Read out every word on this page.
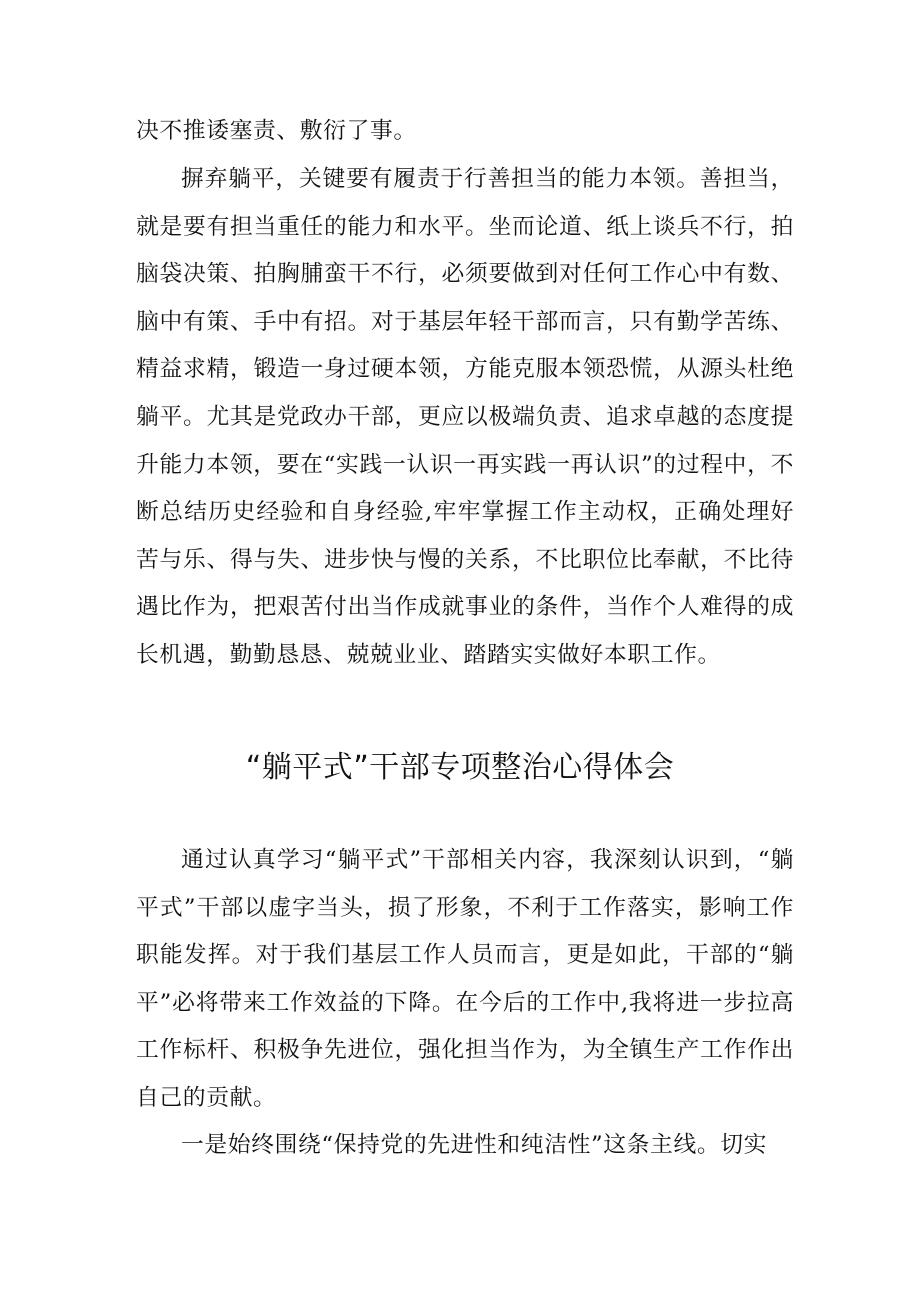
决不推诿塞责、敷衍了事。

摒弃躺平，关键要有履责于行善担当的能力本领。善担当，就是要有担当重任的能力和水平。坐而论道、纸上谈兵不行，拍脑袋决策、拍胸脯蛮干不行，必须要做到对任何工作心中有数、脑中有策、手中有招。对于基层年轻干部而言，只有勤学苦练、精益求精，锻造一身过硬本领，方能克服本领恐慌，从源头杜绝躺平。尤其是党政办干部，更应以极端负责、追求卓越的态度提升能力本领，要在“实践一认识一再实践一再认识”的过程中，不断总结历史经验和自身经验,牢牢掌握工作主动权，正确处理好苦与乐、得与失、进步快与慢的关系，不比职位比奉献，不比待遇比作为，把艰苦付出当作成就事业的条件，当作个人难得的成长机遇，勤勤恳恳、兢兢业业、踏踏实实做好本职工作。

“躺平式”干部专项整治心得体会

通过认真学习“躺平式”干部相关内容，我深刻认识到，“躺平式”干部以虚字当头，损了形象，不利于工作落实，影响工作职能发挥。对于我们基层工作人员而言，更是如此，干部的“躺平”必将带来工作效益的下降。在今后的工作中,我将进一步拉高工作标杆、积极争先进位，强化担当作为，为全镇生产工作作出自己的贡献。

一是始终围绕“保持党的先进性和纯洁性”这条主线。切实
